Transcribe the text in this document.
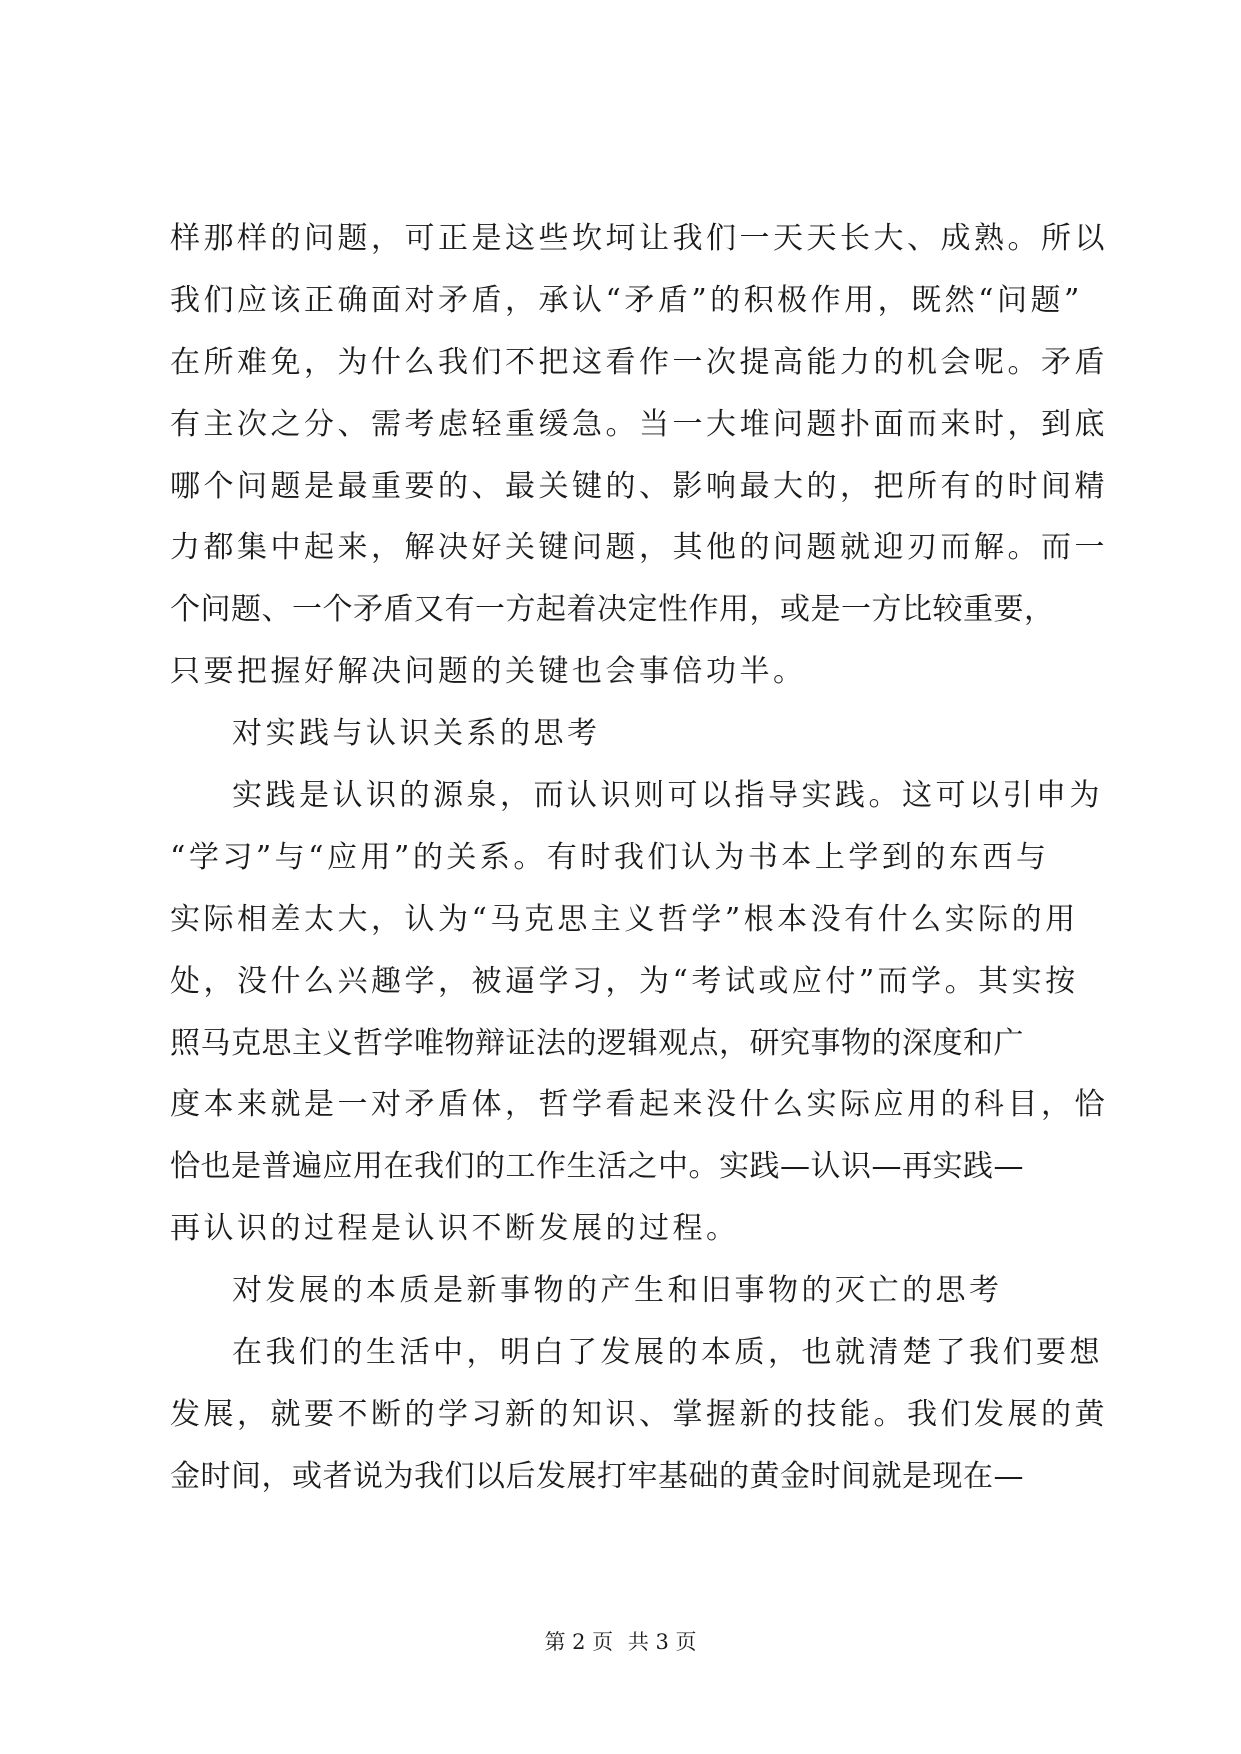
样那样的问题，可正是这些坎坷让我们一天天长大、成熟。所以
我们应该正确面对矛盾，承认“矛盾”的积极作用，既然“问题”
在所难免，为什么我们不把这看作一次提高能力的机会呢。矛盾
有主次之分、需考虑轻重缓急。当一大堆问题扑面而来时，到底
哪个问题是最重要的、最关键的、影响最大的，把所有的时间精
力都集中起来，解决好关键问题，其他的问题就迎刃而解。而一
个问题、一个矛盾又有一方起着决定性作用，或是一方比较重要，
只要把握好解决问题的关键也会事倍功半。
对实践与认识关系的思考
实践是认识的源泉，而认识则可以指导实践。这可以引申为
“学习”与“应用”的关系。有时我们认为书本上学到的东西与
实际相差太大，认为“马克思主义哲学”根本没有什么实际的用
处，没什么兴趣学，被逼学习，为“考试或应付”而学。其实按
照马克思主义哲学唯物辩证法的逻辑观点，研究事物的深度和广
度本来就是一对矛盾体，哲学看起来没什么实际应用的科目，恰
恰也是普遍应用在我们的工作生活之中。实践—认识—再实践—
再认识的过程是认识不断发展的过程。
对发展的本质是新事物的产生和旧事物的灭亡的思考
在我们的生活中，明白了发展的本质，也就清楚了我们要想
发展，就要不断的学习新的知识、掌握新的技能。我们发展的黄
金时间，或者说为我们以后发展打牢基础的黄金时间就是现在—
第 2 页 共 3 页
